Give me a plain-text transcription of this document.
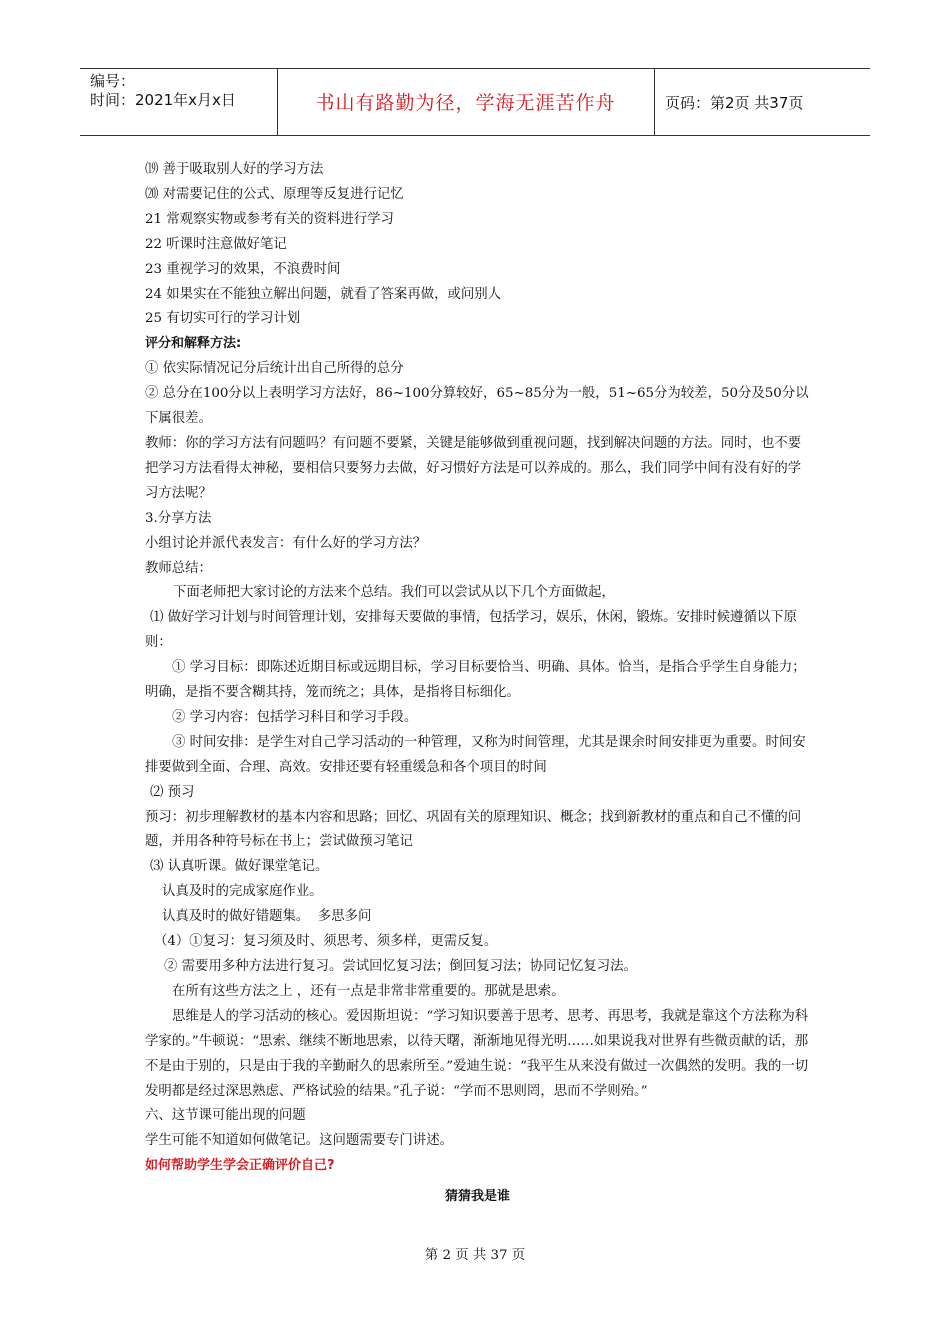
编号：
时间：2021年x月x日	书山有路勤为径，学海无涯苦作舟	页码：第2页 共37页

⒆ 善于吸取别人好的学习方法

⒇ 对需要记住的公式、原理等反复进行记忆

21 常观察实物或参考有关的资料进行学习

22 听课时注意做好笔记

23 重视学习的效果，不浪费时间

24 如果实在不能独立解出问题，就看了答案再做，或问别人

25 有切实可行的学习计划

评分和解释方法:

① 依实际情况记分后统计出自己所得的总分

② 总分在100分以上表明学习方法好，86~100分算较好，65~85分为一般，51~65分为较差，50分及50分以下属很差。

教师：你的学习方法有问题吗？有问题不要紧，关键是能够做到重视问题，找到解决问题的方法。同时，也不要把学习方法看得太神秘，要相信只要努力去做，好习惯好方法是可以养成的。那么，我们同学中间有没有好的学习方法呢？

3.分享方法

小组讨论并派代表发言：有什么好的学习方法？

教师总结：

下面老师把大家讨论的方法来个总结。我们可以尝试从以下几个方面做起，

⑴ 做好学习计划与时间管理计划，安排每天要做的事情，包括学习，娱乐，休闲，锻炼。安排时候遵循以下原则：

① 学习目标：即陈述近期目标或远期目标，学习目标要恰当、明确、具体。恰当，是指合乎学生自身能力；明确，是指不要含糊其持，笼而统之；具体，是指将目标细化。

② 学习内容：包括学习科目和学习手段。

③ 时间安排：是学生对自己学习活动的一种管理，又称为时间管理，尤其是课余时间安排更为重要。时间安排要做到全面、合理、高效。安排还要有轻重缓急和各个项目的时间

⑵ 预习

预习：初步理解教材的基本内容和思路；回忆、巩固有关的原理知识、概念；找到新教材的重点和自己不懂的问题，并用各种符号标在书上；尝试做预习笔记

⑶ 认真听课。做好课堂笔记。

认真及时的完成家庭作业。

认真及时的做好错题集。  多思多问

（4）①复习：复习须及时、须思考、须多样，更需反复。

② 需要用多种方法进行复习。尝试回忆复习法；倒回复习法；协同记忆复习法。

在所有这些方法之上 ，还有一点是非常非常重要的。那就是思索。

思维是人的学习活动的核心。爱因斯坦说：“学习知识要善于思考、思考、再思考，我就是靠这个方法称为科学家的。”牛顿说：“思索、继续不断地思索，以待天曙，渐渐地见得光明……如果说我对世界有些微贡献的话，那不是由于别的，只是由于我的辛勤耐久的思索所至。”爱迪生说：“我平生从来没有做过一次偶然的发明。我的一切发明都是经过深思熟虑、严格试验的结果。”孔子说：“学而不思则罔，思而不学则殆。”

六、这节课可能出现的问题

学生可能不知道如何做笔记。这问题需要专门讲述。

如何帮助学生学会正确评价自己?

猜猜我是谁

第 2 页 共 37 页
